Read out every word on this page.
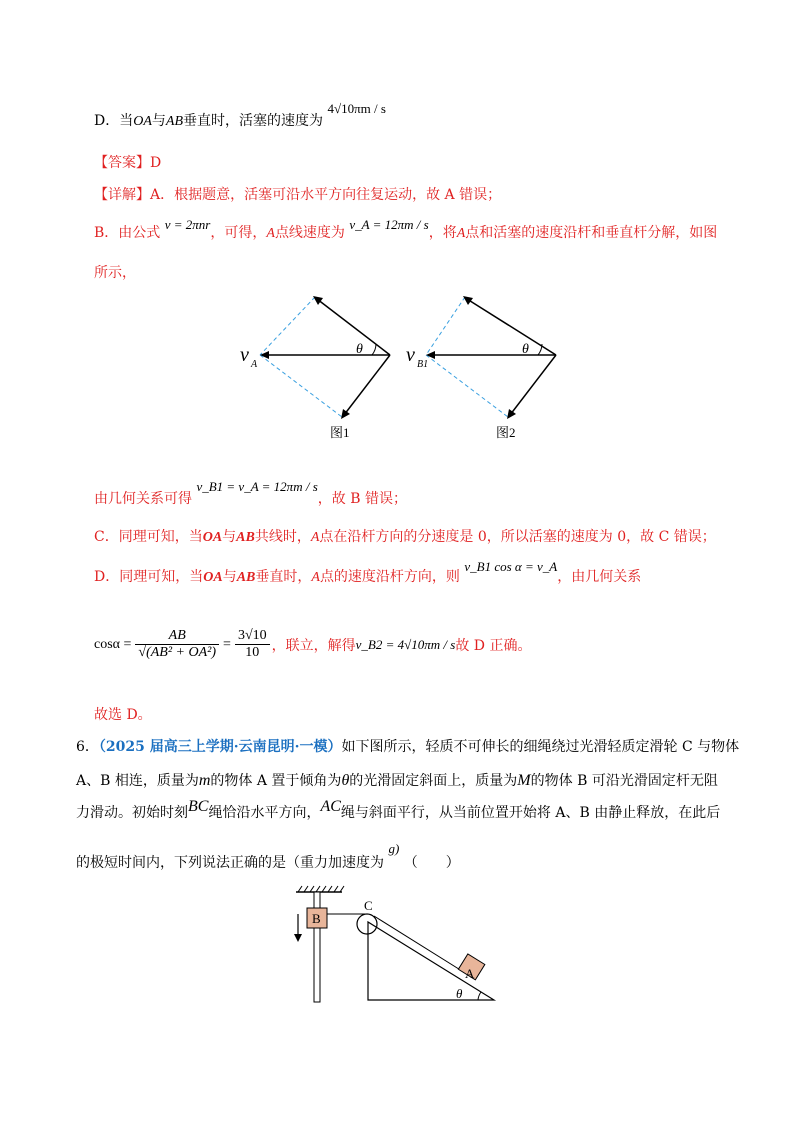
D．当OA与AB垂直时，活塞的速度为 4√10πm / s
【答案】D
【详解】A．根据题意，活塞可沿水平方向往复运动，故 A 错误；
B．由公式 v = 2πnr，可得，A点线速度为 v_A = 12πm / s，将A点和活塞的速度沿杆和垂直杆分解，如图
所示，
θ
v A
图1
θ
v B1
图2
由几何关系可得 v_B1 = v_A = 12πm / s，故 B 错误；
C．同理可知，当OA与AB共线时，A点在沿杆方向的分速度是 0，所以活塞的速度为 0，故 C 错误；
D．同理可知，当OA与AB垂直时，A点的速度沿杆方向，则 v_B1 cos α = v_A，由几何关系
$\cos\alpha = \frac{AB}{\text{√(AB² + OA²)}} = \frac{3√10}{10}$ ，联立，解得 v_B2 = 4√10πm / s 故 D 正确。
故选 D。
6．（2025 届高三上学期·云南昆明·一模）如下图所示，轻质不可伸长的细绳绕过光滑轻质定滑轮 C 与物体
A、B 相连，质量为m的物体 A 置于倾角为θ的光滑固定斜面上，质量为M的物体 B 可沿光滑固定杆无阻
力滑动。初始时刻BC绳恰沿水平方向，AC绳与斜面平行，从当前位置开始将 A、B 由静止释放，在此后
的极短时间内，下列说法正确的是（重力加速度为 g) （　　）
B
C
A
θ
